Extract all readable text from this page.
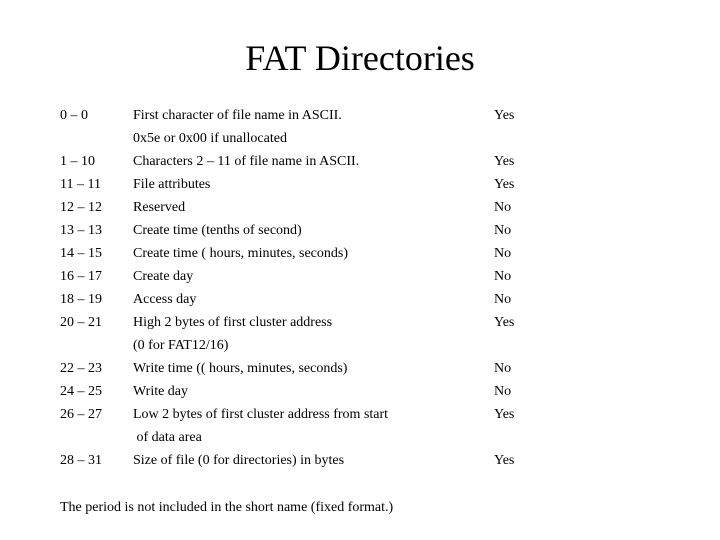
FAT Directories
0 – 0	First character of file name in ASCII.	Yes
0x5e or 0x00 if unallocated
1 – 10	Characters 2 – 11 of file name in ASCII.	Yes
11 – 11 File attributes	Yes
12 – 12 Reserved	No
13 – 13 Create time (tenths of second)	No
14 – 15 Create time ( hours, minutes, seconds)	No
16 – 17 Create day	No
18 – 19 Access day	No
20 – 21 High 2 bytes of first cluster address	Yes
(0 for FAT12/16)
22 – 23 Write time (( hours, minutes, seconds)	No
24 – 25 Write day	No
26 – 27 Low 2 bytes of first cluster address from start	Yes
of data area
28 – 31 Size of file (0 for directories) in bytes	Yes
The period is not included in the short name (fixed format.)
